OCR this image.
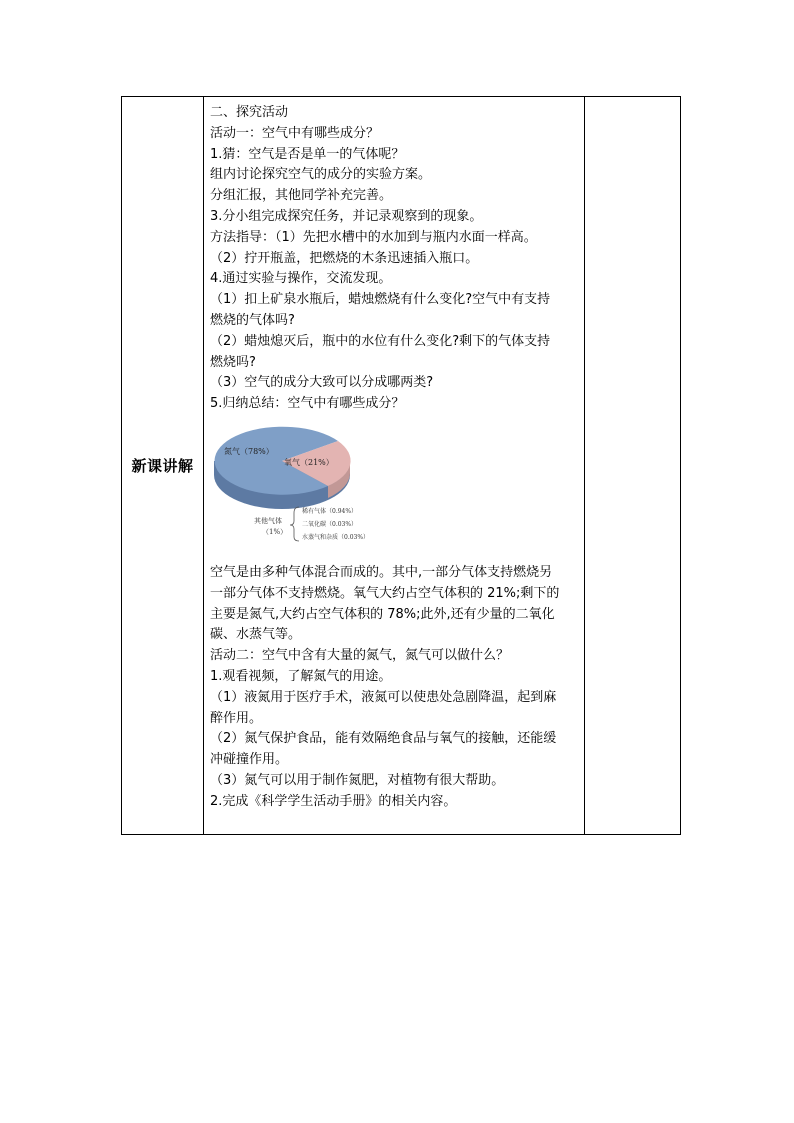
新课讲解
二、探究活动
活动一：空气中有哪些成分？
1.猜：空气是否是单一的气体呢？
组内讨论探究空气的成分的实验方案。
分组汇报，其他同学补充完善。
3.分小组完成探究任务，并记录观察到的现象。
方法指导：（1）先把水槽中的水加到与瓶内水面一样高。
（2）拧开瓶盖，把燃烧的木条迅速插入瓶口。
4.通过实验与操作，交流发现。
（1）扣上矿泉水瓶后，蜡烛燃烧有什么变化?空气中有支持
燃烧的气体吗?
（2）蜡烛熄灭后，瓶中的水位有什么变化?剩下的气体支持
燃烧吗?
（3）空气的成分大致可以分成哪两类?
5.归纳总结：空气中有哪些成分？
氮气（78%）
氧气（21%）
其他气体
（1%）
稀有气体（0.94%）
二氧化碳（0.03%）
水蒸气和杂质（0.03%）
空气是由多种气体混合而成的。其中,一部分气体支持燃烧另
一部分气体不支持燃烧。氧气大约占空气体积的 21%;剩下的
主要是氮气,大约占空气体积的 78%;此外,还有少量的二氧化
碳、水蒸气等。
活动二：空气中含有大量的氮气，氮气可以做什么？
1.观看视频，了解氮气的用途。
（1）液氮用于医疗手术，液氮可以使患处急剧降温，起到麻
醉作用。
（2）氮气保护食品，能有效隔绝食品与氧气的接触，还能缓
冲碰撞作用。
（3）氮气可以用于制作氮肥，对植物有很大帮助。
2.完成《科学学生活动手册》的相关内容。
